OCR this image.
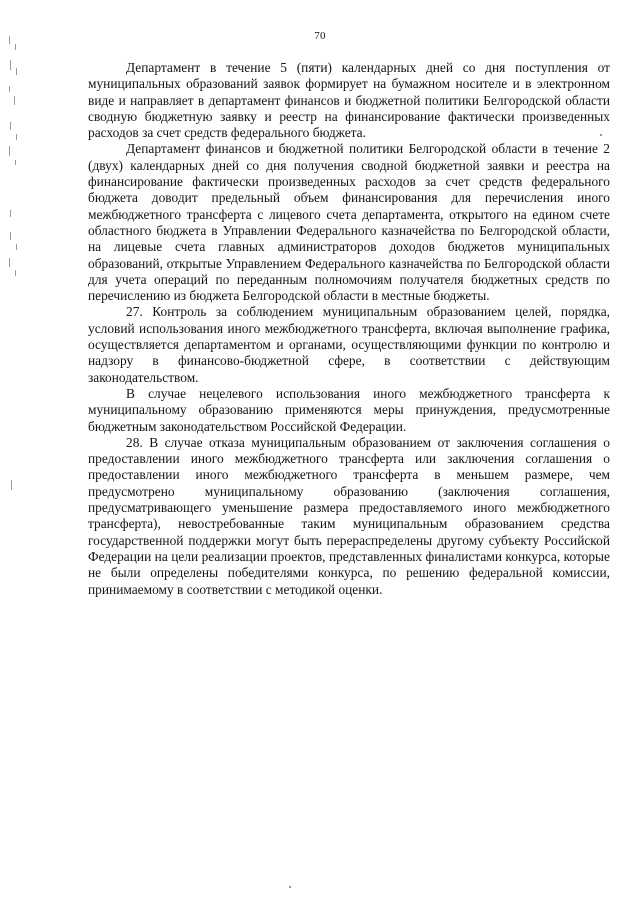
70

Департамент в течение 5 (пяти) календарных дней со дня поступления от муниципальных образований заявок формирует на бумажном носителе и в электронном виде и направляет в департамент финансов и бюджетной политики Белгородской области сводную бюджетную заявку и реестр на финансирование фактически произведенных расходов за счет средств федерального бюджета.

Департамент финансов и бюджетной политики Белгородской области в течение 2 (двух) календарных дней со дня получения сводной бюджетной заявки и реестра на финансирование фактически произведенных расходов за счет средств федерального бюджета доводит предельный объем финансирования для перечисления иного межбюджетного трансферта с лицевого счета департамента, открытого на едином счете областного бюджета в Управлении Федерального казначейства по Белгородской области, на лицевые счета главных администраторов доходов бюджетов муниципальных образований, открытые Управлением Федерального казначейства по Белгородской области для учета операций по переданным полномочиям получателя бюджетных средств по перечислению из бюджета Белгородской области в местные бюджеты.

27. Контроль за соблюдением муниципальным образованием целей, порядка, условий использования иного межбюджетного трансферта, включая выполнение графика, осуществляется департаментом и органами, осуществляющими функции по контролю и надзору в финансово-бюджетной сфере, в соответствии с действующим законодательством.

В случае нецелевого использования иного межбюджетного трансферта к муниципальному образованию применяются меры принуждения, предусмотренные бюджетным законодательством Российской Федерации.

28. В случае отказа муниципальным образованием от заключения соглашения о предоставлении иного межбюджетного трансферта или заключения соглашения о предоставлении иного межбюджетного трансферта в меньшем размере, чем предусмотрено муниципальному образованию (заключения соглашения, предусматривающего уменьшение размера предоставляемого иного межбюджетного трансферта), невостребованные таким муниципальным образованием средства государственной поддержки могут быть перераспределены другому субъекту Российской Федерации на цели реализации проектов, представленных финалистами конкурса, которые не были определены победителями конкурса, по решению федеральной комиссии, принимаемому в соответствии с методикой оценки.
